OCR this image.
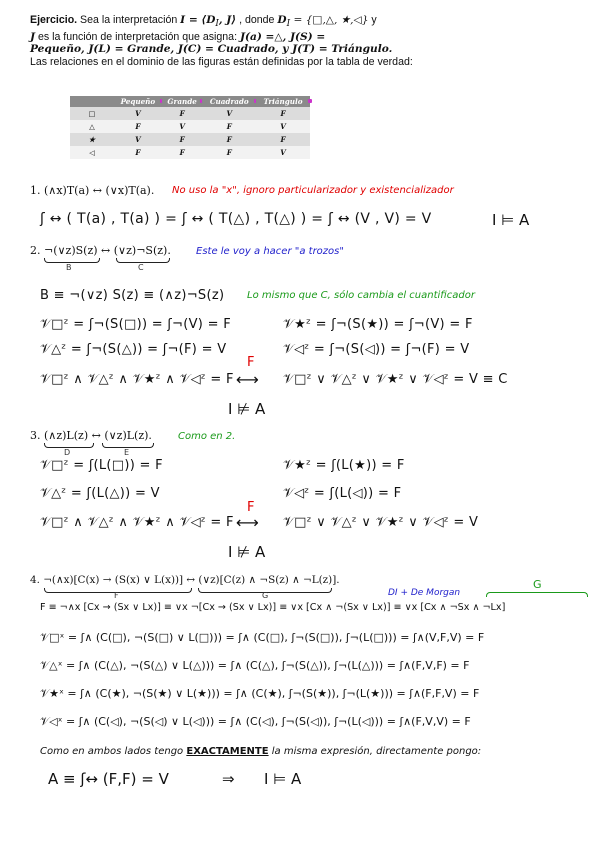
Ejercicio. Sea la interpretación $I = ⟨D_I$, J⟩ , donde $D_I$ = {□,△, ★,◁} y
J es la función de interpretación que asigna: J(a) =△, J(S) =
Pequeño, J(L) = Grande, J(C) = Cuadrado, y J(T) = Triángulo.
Las relaciones en el dominio de las figuras están definidas por la tabla de verdad:
	Pequeño	Grande	Cuadrado	Triángulo
□	V	F	V	F
△	F	V	F	V
★	V	F	F	F
◁	F	F	F	V
1. (∧x)T(a) ↔ (∨x)T(a). No uso la "x", ignoro particularizador y existencializador
ʃ ↔ ( T(a) , T(a) ) = ʃ ↔ ( T(△) , T(△) ) = ʃ ↔ (V , V) = V	I ⊨ A
2. ¬(∨z)S(z) ↔ (∨z)¬S(z).
B	C
Este le voy a hacer "a trozos"
B ≡ ¬(∨z) S(z) ≡ (∧z)¬S(z) Lo mismo que C, sólo cambia el cuantificador
𝒱□ᶻ = ʃ¬(S(□)) = ʃ¬(V) = F	𝒱★ᶻ = ʃ¬(S(★)) = ʃ¬(V) = F
𝒱△ᶻ = ʃ¬(S(△)) = ʃ¬(F) = V	𝒱◁ᶻ = ʃ¬(S(◁)) = ʃ¬(F) = V
F
𝒱□ᶻ ∧ 𝒱△ᶻ ∧ 𝒱★ᶻ ∧ 𝒱◁ᶻ = F ⟷ 𝒱□ᶻ ∨ 𝒱△ᶻ ∨ 𝒱★ᶻ ∨ 𝒱◁ᶻ = V ≡ C
I ⊭ A
3. (∧z)L(z) ↔ (∨z)L(z).
D	E
Como en 2.
𝒱□ᶻ = ʃ(L(□)) = F	𝒱★ᶻ = ʃ(L(★)) = F
𝒱△ᶻ = ʃ(L(△)) = V	𝒱◁ᶻ = ʃ(L(◁)) = F
F
𝒱□ᶻ ∧ 𝒱△ᶻ ∧ 𝒱★ᶻ ∧ 𝒱◁ᶻ = F ⟷ 𝒱□ᶻ ∨ 𝒱△ᶻ ∨ 𝒱★ᶻ ∨ 𝒱◁ᶻ = V
I ⊭ A
4. ¬(∧x)[C(x) → (S(x) ∨ L(x))] ↔ (∨z)[C(z) ∧ ¬S(z) ∧ ¬L(z)].
F	G	DI + De Morgan
G
F ≡ ¬∧x [Cx → (Sx ∨ Lx)] ≡ ∨x ¬[Cx → (Sx ∨ Lx)] ≡ ∨x [Cx ∧ ¬(Sx ∨ Lx)] ≡ ∨x [Cx ∧ ¬Sx ∧ ¬Lx]
𝒱□ˣ = ʃ∧ (C(□), ¬(S(□) ∨ L(□))) = ʃ∧ (C(□), ʃ¬(S(□)), ʃ¬(L(□))) = ʃ∧(V,F,V) = F
𝒱△ˣ = ʃ∧ (C(△), ¬(S(△) ∨ L(△))) = ʃ∧ (C(△), ʃ¬(S(△)), ʃ¬(L(△))) = ʃ∧(F,V,F) = F
𝒱★ˣ = ʃ∧ (C(★), ¬(S(★) ∨ L(★))) = ʃ∧ (C(★), ʃ¬(S(★)), ʃ¬(L(★))) = ʃ∧(F,F,V) = F
𝒱◁ˣ = ʃ∧ (C(◁), ¬(S(◁) ∨ L(◁))) = ʃ∧ (C(◁), ʃ¬(S(◁)), ʃ¬(L(◁))) = ʃ∧(F,V,V) = F
Como en ambos lados tengo EXACTAMENTE la misma expresión, directamente pongo:
A ≡ ʃ↔ (F,F) = V	⇒ I ⊨ A
